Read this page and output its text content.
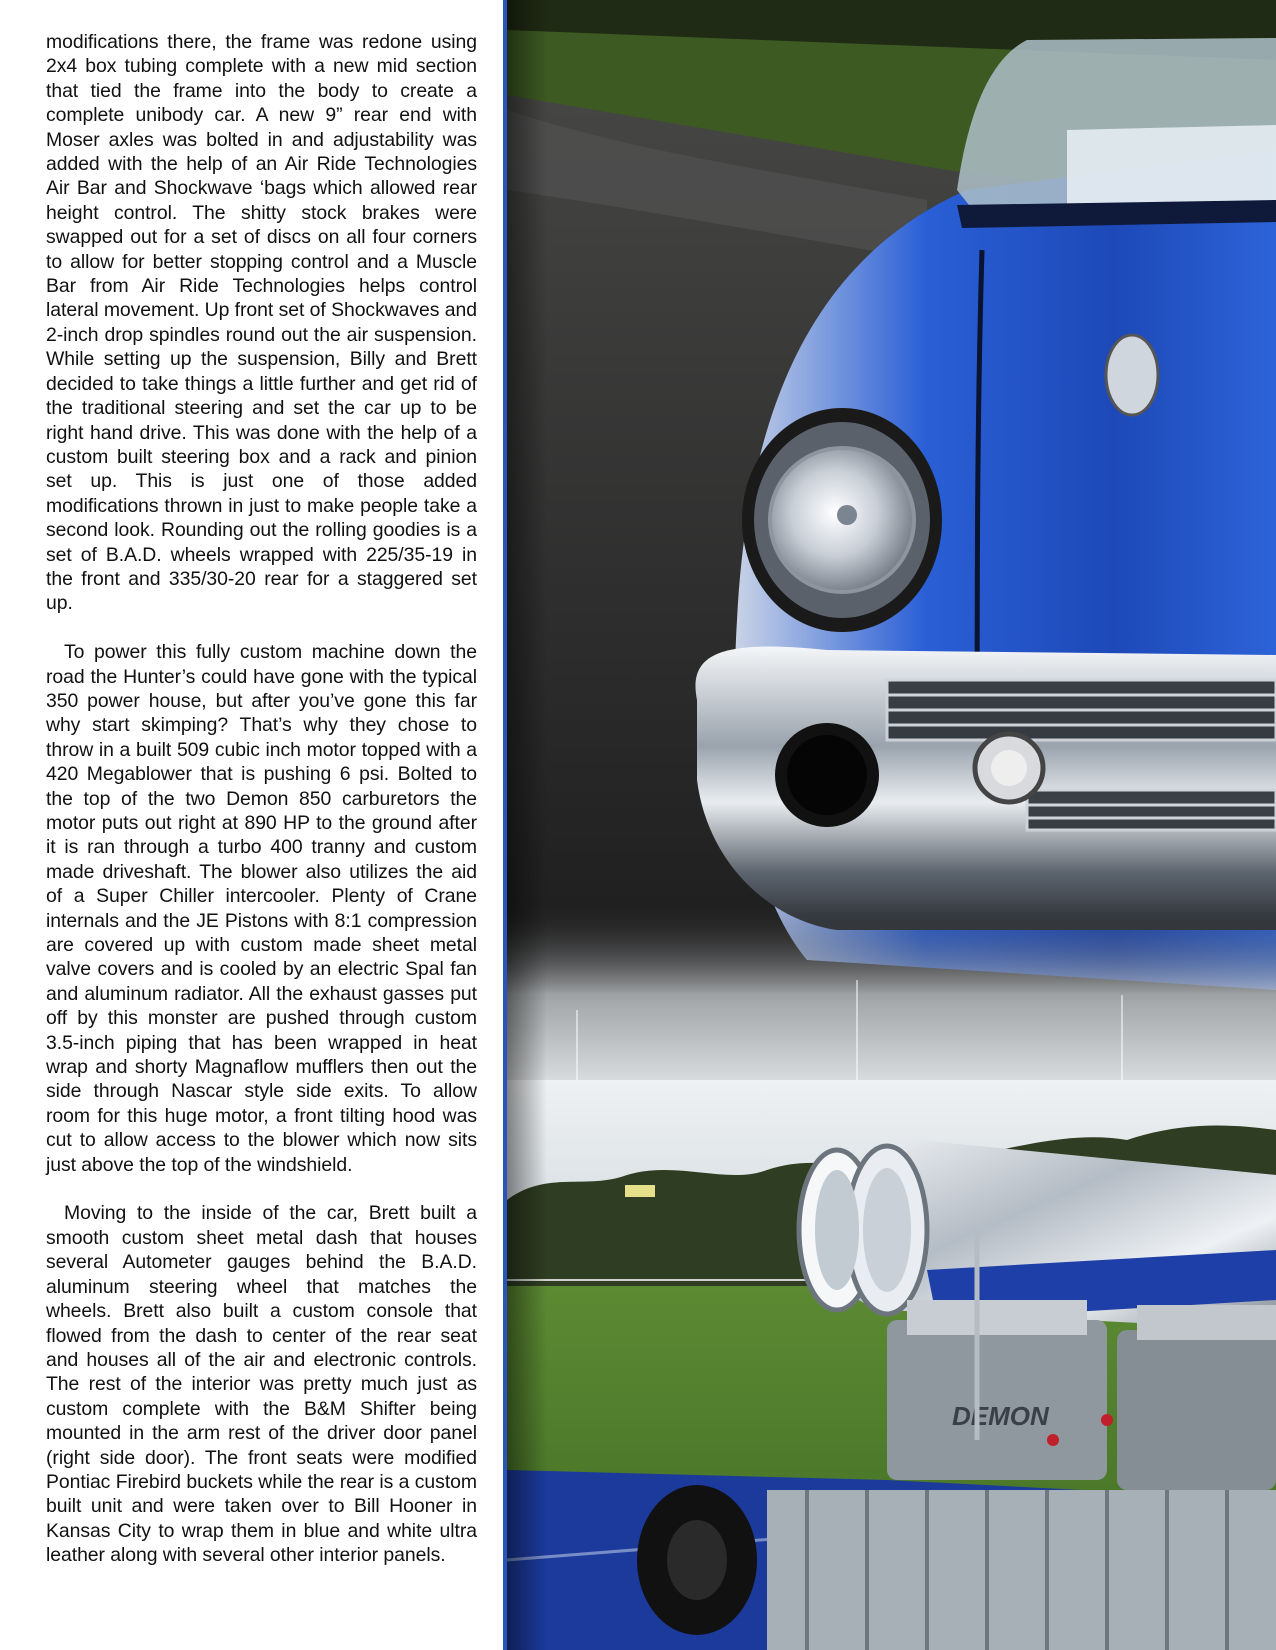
modifications there, the frame was redone using 2x4 box tubing complete with a new mid section that tied the frame into the body to create a complete unibody car. A new 9” rear end with Moser axles was bolted in and adjustability was added with the help of an Air Ride Technologies Air Bar and Shockwave ‘bags which allowed rear height control. The shitty stock brakes were swapped out for a set of discs on all four corners to allow for better stopping control and a Muscle Bar from Air Ride Technologies helps control lateral movement. Up front set of Shockwaves and 2-inch drop spindles round out the air suspension. While setting up the suspension, Billy and Brett decided to take things a little further and get rid of the traditional steering and set the car up to be right hand drive. This was done with the help of a custom built steering box and a rack and pinion set up. This is just one of those added modifications thrown in just to make people take a second look. Rounding out the rolling goodies is a set of B.A.D. wheels wrapped with 225/35-19 in the front and 335/30-20 rear for a staggered set up.

To power this fully custom machine down the road the Hunter’s could have gone with the typical 350 power house, but after you’ve gone this far why start skimping? That’s why they chose to throw in a built 509 cubic inch motor topped with a 420 Megablower that is pushing 6 psi. Bolted to the top of the two Demon 850 carburetors the motor puts out right at 890 HP to the ground after it is ran through a turbo 400 tranny and custom made driveshaft. The blower also utilizes the aid of a Super Chiller intercooler. Plenty of Crane internals and the JE Pistons with 8:1 compression are covered up with custom made sheet metal valve covers and is cooled by an electric Spal fan and aluminum radiator. All the exhaust gasses put off by this monster are pushed through custom 3.5-inch piping that has been wrapped in heat wrap and shorty Magnaflow mufflers then out the side through Nascar style side exits. To allow room for this huge motor, a front tilting hood was cut to allow access to the blower which now sits just above the top of the windshield.

Moving to the inside of the car, Brett built a smooth custom sheet metal dash that houses several Autometer gauges behind the B.A.D. aluminum steering wheel that matches the wheels. Brett also built a custom console that flowed from the dash to center of the rear seat and houses all of the air and electronic controls. The rest of the interior was pretty much just as custom complete with the B&M Shifter being mounted in the arm rest of the driver door panel (right side door). The front seats were modified Pontiac Firebird buckets while the rear is a custom built unit and were taken over to Bill Hooner in Kansas City to wrap them in blue and white ultra leather along with several other interior panels.

DEMON
